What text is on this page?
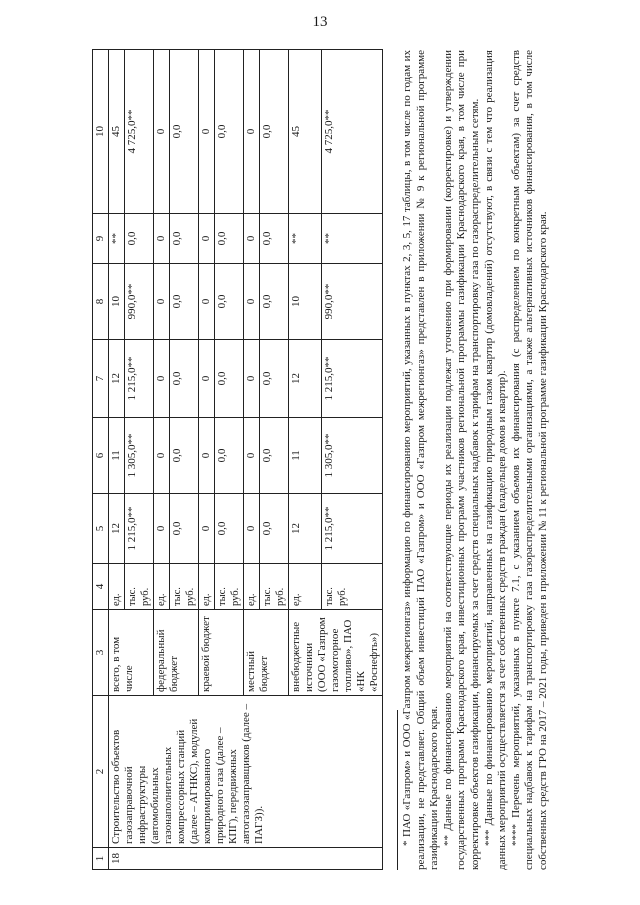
13
1	2	3	4	5	6	7	8	9	10
18	Строительство объектов газозаправочной инфраструктуры (автомобильных газонаполнительных компрессорных станций (далее – АГНКС), модулей компримированного природного газа (далее – КПГ), передвижных автогазозаправщиков (далее – ПАГЗ)).	всего, в том числе	ед.	12	11	12	10	**	45
			тыс. руб.	1 215,0**	1 305,0**	1 215,0**	990,0**	0,0	4 725,0**
		федеральный бюджет	ед.	0	0	0	0	0	0
			тыс. руб.	0,0	0,0	0,0	0,0	0,0	0,0
		краевой бюджет	ед.	0	0	0	0	0	0
			тыс. руб.	0,0	0,0	0,0	0,0	0,0	0,0
		местный бюджет	ед.	0	0	0	0	0	0
			тыс. руб.	0,0	0,0	0,0	0,0	0,0	0,0
		внебюджетные источники (ООО «Газпром газомоторное топливо», ПАО «НК «Роснефть»)	ед.	12	11	12	10	**	45
			тыс. руб.	1 215,0**	1 305,0**	1 215,0**	990,0**	**	4 725,0**	* ПАО «Газпром» и ООО «Газпром межрегионгаз» информацию по финансированию мероприятий, указанных в пунктах 2, 3, 5, 17 таблицы, в том числе по годам их реализации, не представляет. Общий объем инвестиций ПАО «Газпром» и ООО «Газпром межрегионгаз» представлен в приложении № 9 к региональной программе газификации Краснодарского края. ** Данные по финансированию мероприятий на соответствующие периоды их реализации подлежат уточнению при формировании (корректировке) и утверждении государственных программ Краснодарского края, инвестиционных программ участников региональной программы газификации Краснодарского края, в том числе при корректировке объектов газификации, финансируемых за счет средств специальных надбавок к тарифам на транспортировку газа по газораспределительным сетям. *** Данные по финансированию мероприятий, направленных на газификацию природным газом квартир (домовладений) отсутствуют, в связи с тем что реализация данных мероприятий осуществляется за счет собственных средств граждан (владельцев домов и квартир). **** Перечень мероприятий, указанных в пункте 7.1, с указанием объемов их финансирования (с распределением по конкретным объектам) за счет средств специальных надбавок к тарифам на транспортировку газа газораспределительными организациями, а также альтернативных источников финансирования, в том числе собственных средств ГРО на 2017 – 2021 годы, приведен в приложении № 11 к региональной программе газификации Краснодарского края.
